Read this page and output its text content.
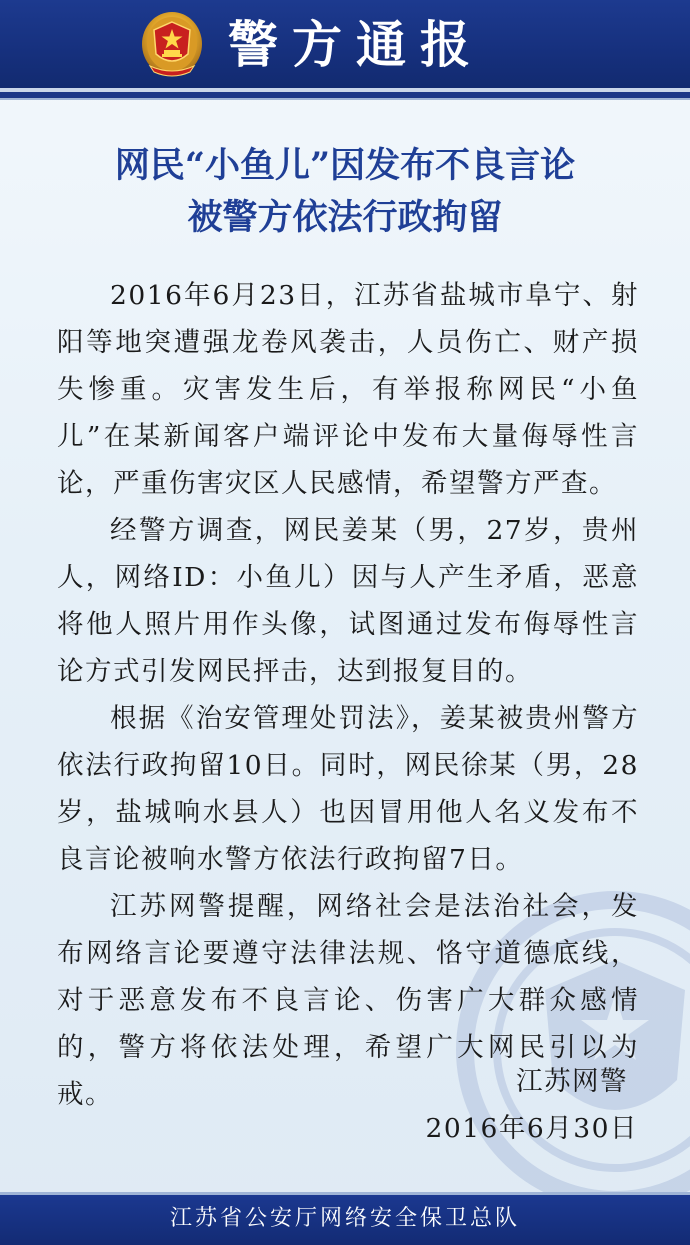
警方通报
网民“小鱼儿”因发布不良言论
被警方依法行政拘留

2016年6月23日，江苏省盐城市阜宁、射阳等地突遭强龙卷风袭击，人员伤亡、财产损失惨重。灾害发生后，有举报称网民“小鱼儿”在某新闻客户端评论中发布大量侮辱性言论，严重伤害灾区人民感情，希望警方严查。

经警方调查，网民姜某（男，27岁，贵州人，网络ID：小鱼儿）因与人产生矛盾，恶意将他人照片用作头像，试图通过发布侮辱性言论方式引发网民抨击，达到报复目的。

根据《治安管理处罚法》，姜某被贵州警方依法行政拘留10日。同时，网民徐某（男，28岁，盐城响水县人）也因冒用他人名义发布不良言论被响水警方依法行政拘留7日。

江苏网警提醒，网络社会是法治社会，发布网络言论要遵守法律法规、恪守道德底线，对于恶意发布不良言论、伤害广大群众感情的，警方将依法处理，希望广大网民引以为戒。	江苏网警
2016年6月30日
江苏省公安厅网络安全保卫总队
